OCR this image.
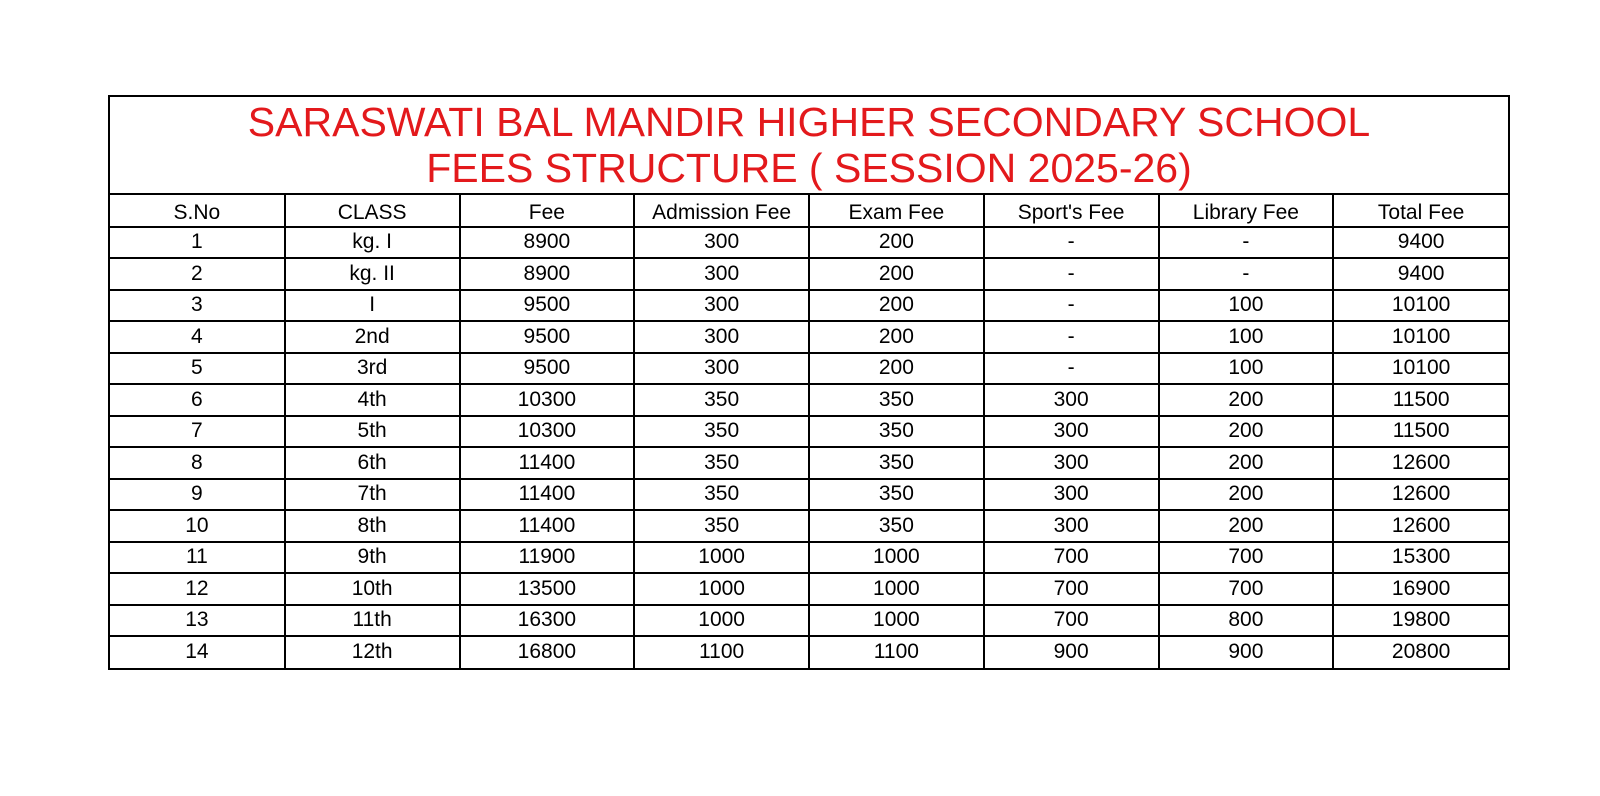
SARASWATI BAL MANDIR HIGHER SECONDARY SCHOOL
FEES STRUCTURE ( SESSION 2025-26)
S.No	CLASS	Fee	Admission Fee	Exam Fee	Sport's Fee	Library Fee	Total Fee
1	kg. I	8900	300	200	-	-	9400
2	kg. II	8900	300	200	-	-	9400
3	I	9500	300	200	-	100	10100
4	2nd	9500	300	200	-	100	10100
5	3rd	9500	300	200	-	100	10100
6	4th	10300	350	350	300	200	11500
7	5th	10300	350	350	300	200	11500
8	6th	11400	350	350	300	200	12600
9	7th	11400	350	350	300	200	12600
10	8th	11400	350	350	300	200	12600
11	9th	11900	1000	1000	700	700	15300
12	10th	13500	1000	1000	700	700	16900
13	11th	16300	1000	1000	700	800	19800
14	12th	16800	1100	1100	900	900	20800
